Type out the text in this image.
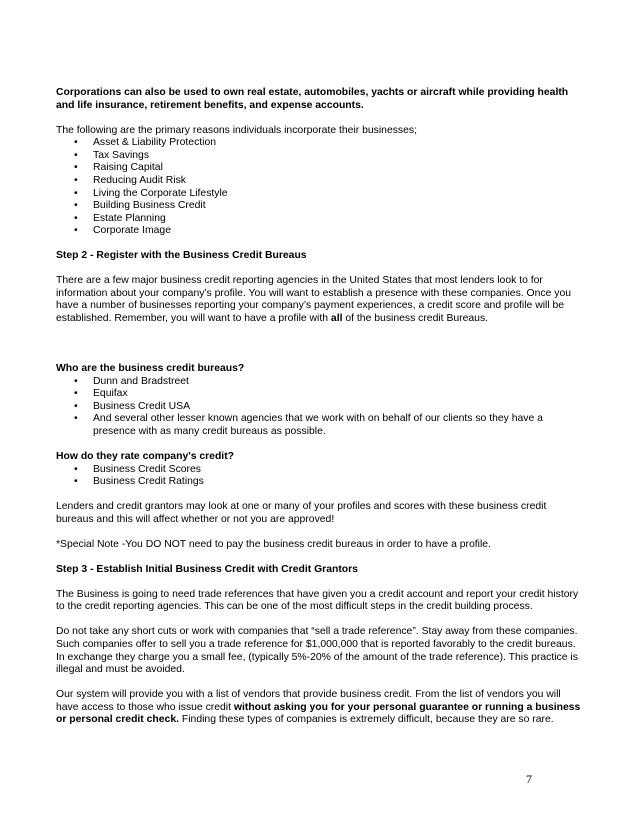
Corporations can also be used to own real estate, automobiles, yachts or aircraft while providing health and life insurance, retirement benefits, and expense accounts.

The following are the primary reasons individuals incorporate their businesses;

• Asset & Liability Protection
• Tax Savings
• Raising Capital
• Reducing Audit Risk
• Living the Corporate Lifestyle
• Building Business Credit
• Estate Planning
• Corporate Image

Step 2 - Register with the Business Credit Bureaus

There are a few major business credit reporting agencies in the United States that most lenders look to for information about your company’s profile. You will want to establish a presence with these companies. Once you have a number of businesses reporting your company’s payment experiences, a credit score and profile will be established. Remember, you will want to have a profile with all of the business credit Bureaus.

Who are the business credit bureaus?

• Dunn and Bradstreet
• Equifax
• Business Credit USA
• And several other lesser known agencies that we work with on behalf of our clients so they have a presence with as many credit bureaus as possible.

How do they rate company's credit?

• Business Credit Scores
• Business Credit Ratings

Lenders and credit grantors may look at one or many of your profiles and scores with these business credit bureaus and this will affect whether or not you are approved!

*Special Note -You DO NOT need to pay the business credit bureaus in order to have a profile.

Step 3 - Establish Initial Business Credit with Credit Grantors

The Business is going to need trade references that have given you a credit account and report your credit history to the credit reporting agencies. This can be one of the most difficult steps in the credit building process.

Do not take any short cuts or work with companies that “sell a trade reference”. Stay away from these companies. Such companies offer to sell you a trade reference for $1,000,000 that is reported favorably to the credit bureaus. In exchange they charge you a small fee, (typically 5%-20% of the amount of the trade reference). This practice is illegal and must be avoided.

Our system will provide you with a list of vendors that provide business credit. From the list of vendors you will have access to those who issue credit without asking you for your personal guarantee or running a business or personal credit check. Finding these types of companies is extremely difficult, because they are so rare.

7
